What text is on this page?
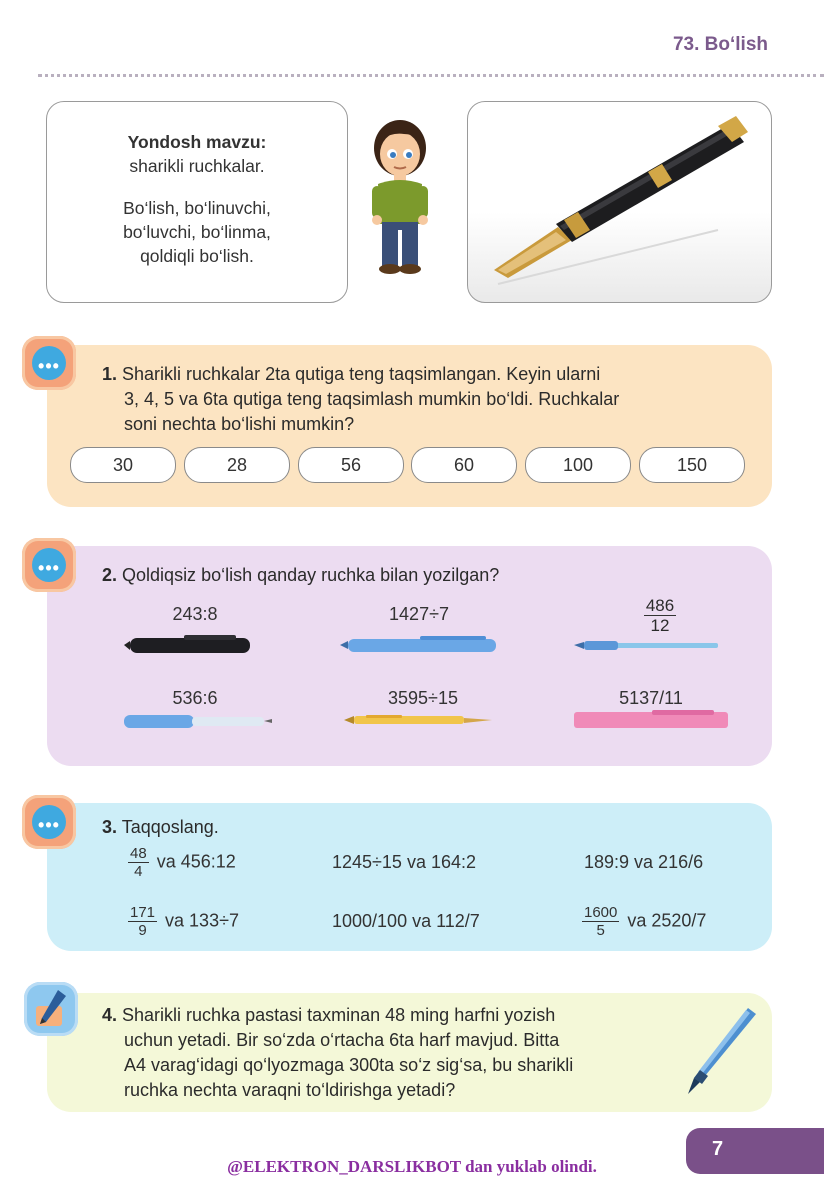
73. Bo‘lish
Yondosh mavzu:
sharikli ruchkalar.
Bo‘lish, bo‘linuvchi,
bo‘luvchi, bo‘linma,
qoldiqli bo‘lish.
•••	1. Sharikli ruchkalar 2ta qutiga teng taqsimlangan. Keyin ularni
3, 4, 5 va 6ta qutiga teng taqsimlash mumkin bo‘ldi. Ruchkalar
soni nechta bo‘lishi mumkin?
30	28	56	60	100	150
•••	2. Qoldiqsiz bo‘lish qanday ruchka bilan yozilgan?
243:8	1427÷7	$\frac{486}{12}$
536:6	3595÷15	5137/11
•••	3. Taqqoslang.
$\frac{48}{4}$ va 456:12	1245÷15 va 164:2	189:9 va 216/6
$\frac{171}{9}$ va 133÷7	1000/100 va 112/7	$\frac{1600}{5}$ va 2520/7
4. Sharikli ruchka pastasi taxminan 48 ming harfni yozish
uchun yetadi. Bir so‘zda o‘rtacha 6ta harf mavjud. Bitta
A4 varag‘idagi qo‘lyozmaga 300ta so‘z sig‘sa, bu sharikli
ruchka nechta varaqni to‘ldirishga yetadi?
@ELEKTRON_DARSLIKBOT dan yuklab olindi.
7
